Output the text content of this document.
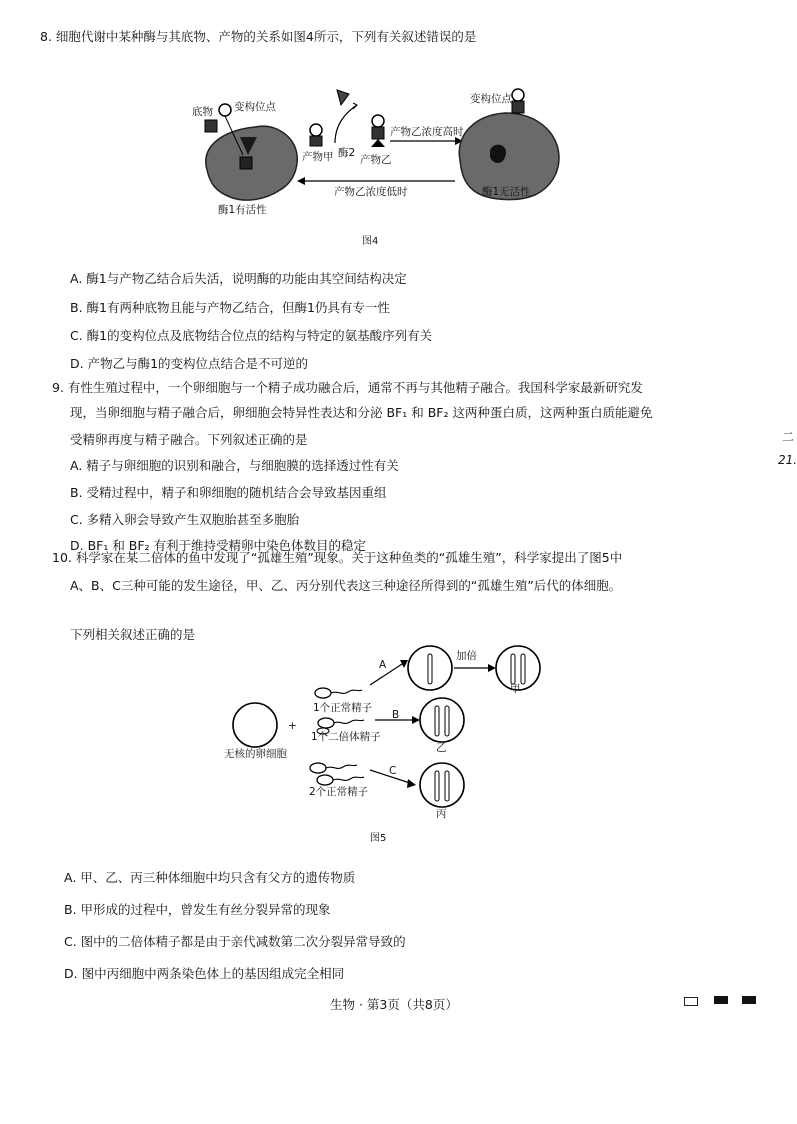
8. 细胞代谢中某种酶与其底物、产物的关系如图4所示，下列有关叙述错误的是
底物 变构位点
产物甲 酶2
产物乙
产物乙浓度高时
变构位点
产物乙浓度低时
酶1有活性
酶1无活性
图4
A. 酶1与产物乙结合后失活，说明酶的功能由其空间结构决定
B. 酶1有两种底物且能与产物乙结合，但酶1仍具有专一性
C. 酶1的变构位点及底物结合位点的结构与特定的氨基酸序列有关
D. 产物乙与酶1的变构位点结合是不可逆的
9. 有性生殖过程中，一个卵细胞与一个精子成功融合后，通常不再与其他精子融合。我国科学家最新研究发
现，当卵细胞与精子融合后，卵细胞会特异性表达和分泌 BF₁ 和 BF₂ 这两种蛋白质，这两种蛋白质能避免
受精卵再度与精子融合。下列叙述正确的是
A. 精子与卵细胞的识别和融合，与细胞膜的选择透过性有关
B. 受精过程中，精子和卵细胞的随机结合会导致基因重组
C. 多精入卵会导致产生双胞胎甚至多胞胎
D. BF₁ 和 BF₂ 有利于维持受精卵中染色体数目的稳定
10. 科学家在某二倍体的鱼中发现了“孤雄生殖”现象。关于这种鱼类的“孤雄生殖”，科学家提出了图5中
A、B、C三种可能的发生途径，甲、乙、丙分别代表这三种途径所得到的“孤雄生殖”后代的体细胞。
下列相关叙述正确的是
无核的卵细胞
+
1个正常精子
1个二倍体精子
2个正常精子
A
B
C
加倍
甲
乙
丙
图5
A. 甲、乙、丙三种体细胞中均只含有父方的遗传物质
B. 甲形成的过程中，曾发生有丝分裂异常的现象
C. 图中的二倍体精子都是由于亲代减数第二次分裂异常导致的
D. 图中丙细胞中两条染色体上的基因组成完全相同
生物 · 第3页（共8页）
二
21.
